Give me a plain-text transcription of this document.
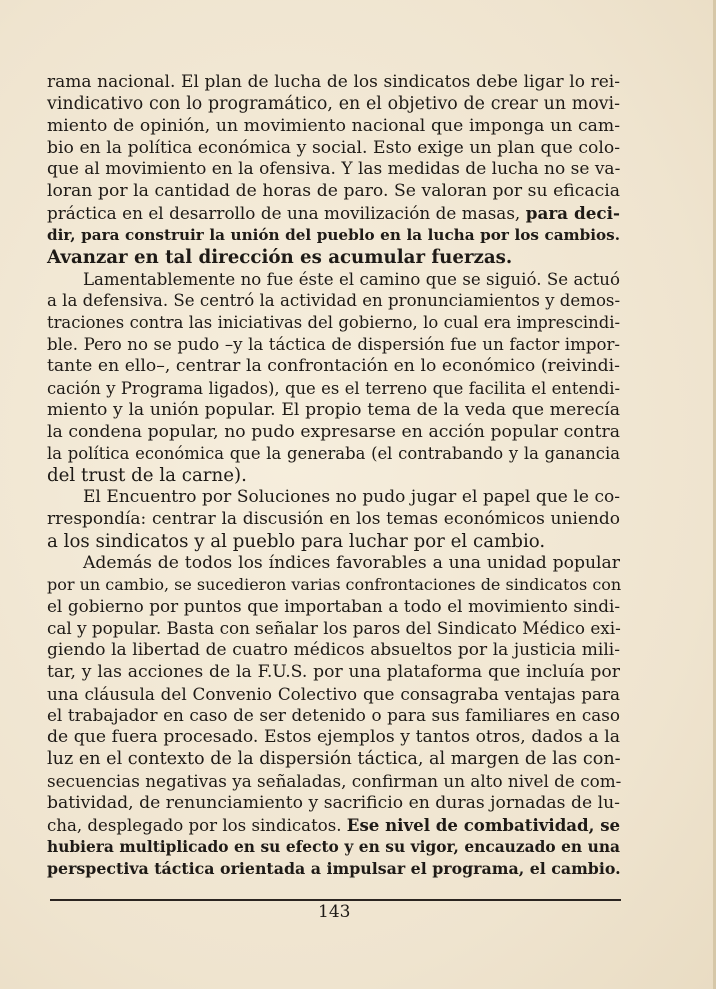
rama nacional. El plan de lucha de los sindicatos debe ligar lo rei-
vindicativo con lo programático, en el objetivo de crear un movi-
miento de opinión, un movimiento nacional que imponga un cam-
bio en la política económica y social. Esto exige un plan que colo-
que al movimiento en la ofensiva. Y las medidas de lucha no se va-
loran por la cantidad de horas de paro. Se valoran por su eficacia
práctica en el desarrollo de una movilización de masas, para deci-
dir, para construir la unión del pueblo en la lucha por los cambios.
Avanzar en tal dirección es acumular fuerzas.
Lamentablemente no fue éste el camino que se siguió. Se actuó
a la defensiva. Se centró la actividad en pronunciamientos y demos-
traciones contra las iniciativas del gobierno, lo cual era imprescindi-
ble. Pero no se pudo –y la táctica de dispersión fue un factor impor-
tante en ello–, centrar la confrontación en lo económico (reivindi-
cación y Programa ligados), que es el terreno que facilita el entendi-
miento y la unión popular. El propio tema de la veda que merecía
la condena popular, no pudo expresarse en acción popular contra
la política económica que la generaba (el contrabando y la ganancia
del trust de la carne).
El Encuentro por Soluciones no pudo jugar el papel que le co-
rrespondía: centrar la discusión en los temas económicos uniendo
a los sindicatos y al pueblo para luchar por el cambio.
Además de todos los índices favorables a una unidad popular
por un cambio, se sucedieron varias confrontaciones de sindicatos con
el gobierno por puntos que importaban a todo el movimiento sindi-
cal y popular. Basta con señalar los paros del Sindicato Médico exi-
giendo la libertad de cuatro médicos absueltos por la justicia mili-
tar, y las acciones de la F.U.S. por una plataforma que incluía por
una cláusula del Convenio Colectivo que consagraba ventajas para
el trabajador en caso de ser detenido o para sus familiares en caso
de que fuera procesado. Estos ejemplos y tantos otros, dados a la
luz en el contexto de la dispersión táctica, al margen de las con-
secuencias negativas ya señaladas, confirman un alto nivel de com-
batividad, de renunciamiento y sacrificio en duras jornadas de lu-
cha, desplegado por los sindicatos. Ese nivel de combatividad, se
hubiera multiplicado en su efecto y en su vigor, encauzado en una
perspectiva táctica orientada a impulsar el programa, el cambio.
143
